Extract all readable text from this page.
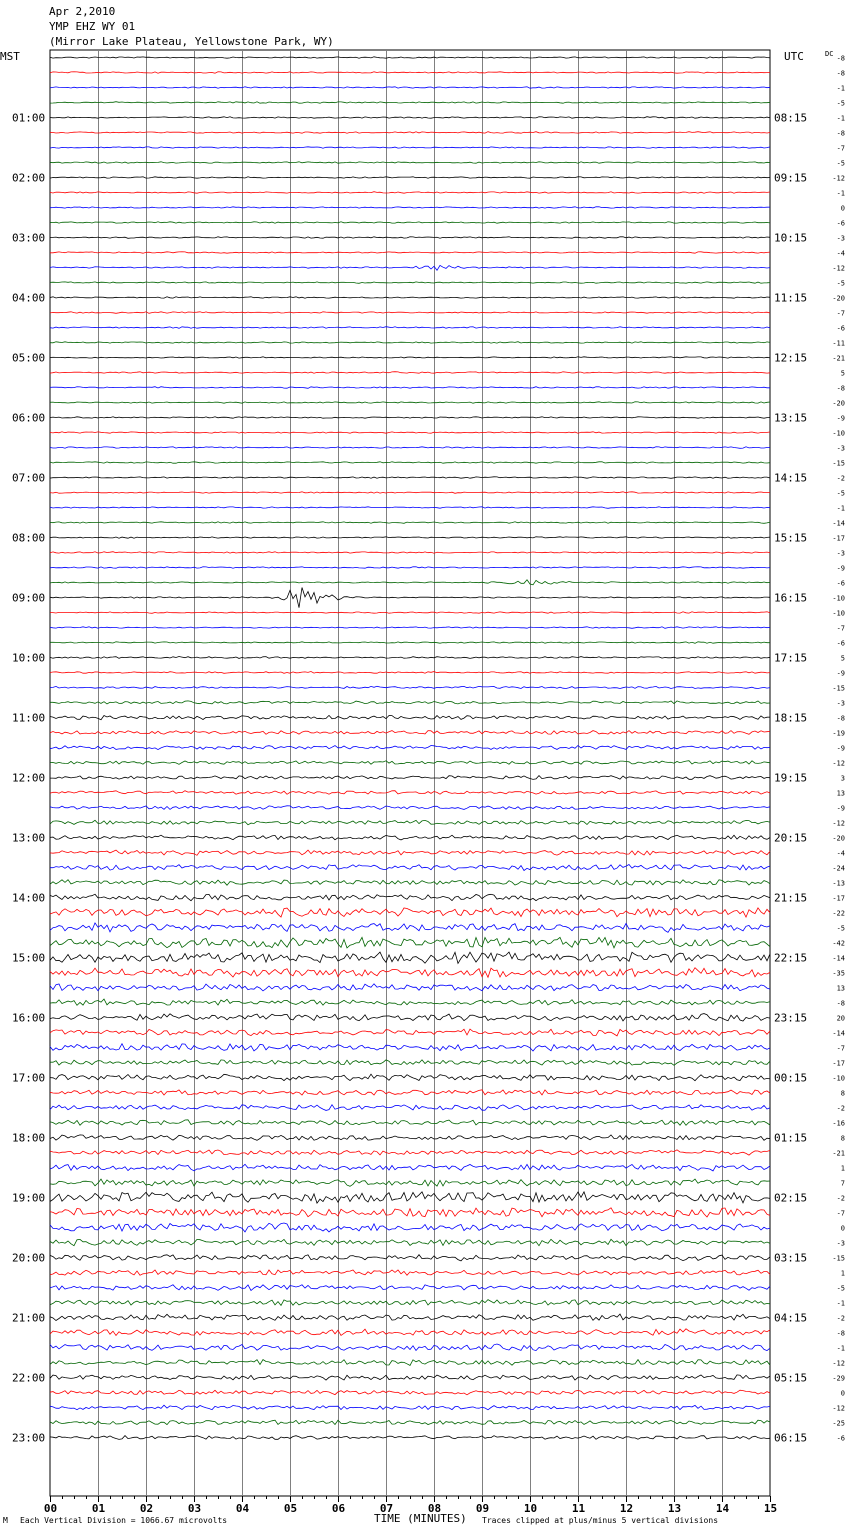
Apr 2,2010
YMP EHZ WY 01
(Mirror Lake Plateau, Yellowstone Park, WY)
MST	UTC	DC
TIME (MINUTES)
M Each Vertical Division = 1066.67 microvolts	Traces clipped at plus/minus 5 vertical divisions
00	01	02	03	04	05	06	07	08	09	10	11	12	13	14	15
-8
-8
-1
-5
-1
-8
-7
-5
-12
-1
0
-6
-3
-4
-12
-5
-20
-7
-6
-11
-21
5
-8
-20
-9
-10
-3
-15
-2
-5
-1
-14
-17
-3
-9
-6
-10
-10
-7
-6
5
-9
-15
-3
-8
-19
-9
-12
3
13
-9
-12
-20
-4
-24
-13
-17
-22
-5
-42
-14
-35
13
-8
20
-14
-7
-17
-10
8
-2
-16
8
-21
1
7
-2
-7
0
-3
-15
1
-5
-1
-2
-8
-1
-12
-29
0
-12
-25
-6
01:00
02:00
03:00
04:00
05:00
06:00
07:00
08:00
09:00
10:00
11:00
12:00
13:00
14:00
15:00
16:00
17:00
18:00
19:00
20:00
21:00
22:00
23:00
08:15
09:15
10:15
11:15
12:15
13:15
14:15
15:15
16:15
17:15
18:15
19:15
20:15
21:15
22:15
23:15
00:15
01:15
02:15
03:15
04:15
05:15
06:15
